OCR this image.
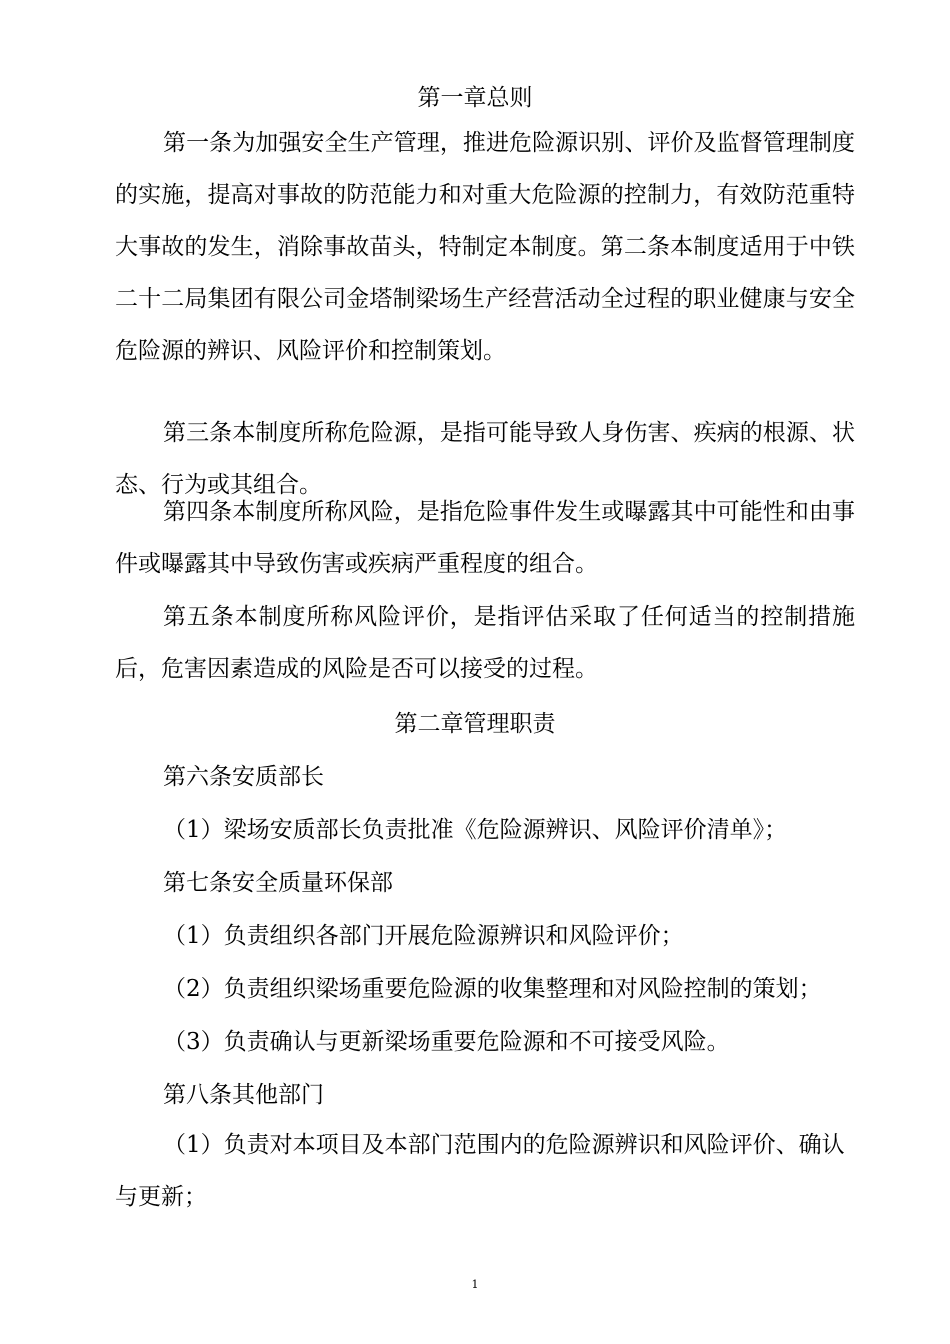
第一章总则

第一条为加强安全生产管理，推进危险源识别、评价及监督管理制度的实施，提高对事故的防范能力和对重大危险源的控制力，有效防范重特大事故的发生，消除事故苗头，特制定本制度。第二条本制度适用于中铁二十二局集团有限公司金塔制梁场生产经营活动全过程的职业健康与安全危险源的辨识、风险评价和控制策划。

第三条本制度所称危险源，是指可能导致人身伤害、疾病的根源、状态、行为或其组合。

第四条本制度所称风险，是指危险事件发生或曝露其中可能性和由事件或曝露其中导致伤害或疾病严重程度的组合。

第五条本制度所称风险评价，是指评估采取了任何适当的控制措施后，危害因素造成的风险是否可以接受的过程。

第二章管理职责

第六条安质部长

（1）梁场安质部长负责批准《危险源辨识、风险评价清单》；

第七条安全质量环保部

（1）负责组织各部门开展危险源辨识和风险评价；

（2）负责组织梁场重要危险源的收集整理和对风险控制的策划；

（3）负责确认与更新梁场重要危险源和不可接受风险。

第八条其他部门

（1）负责对本项目及本部门范围内的危险源辨识和风险评价、确认与更新；

1
